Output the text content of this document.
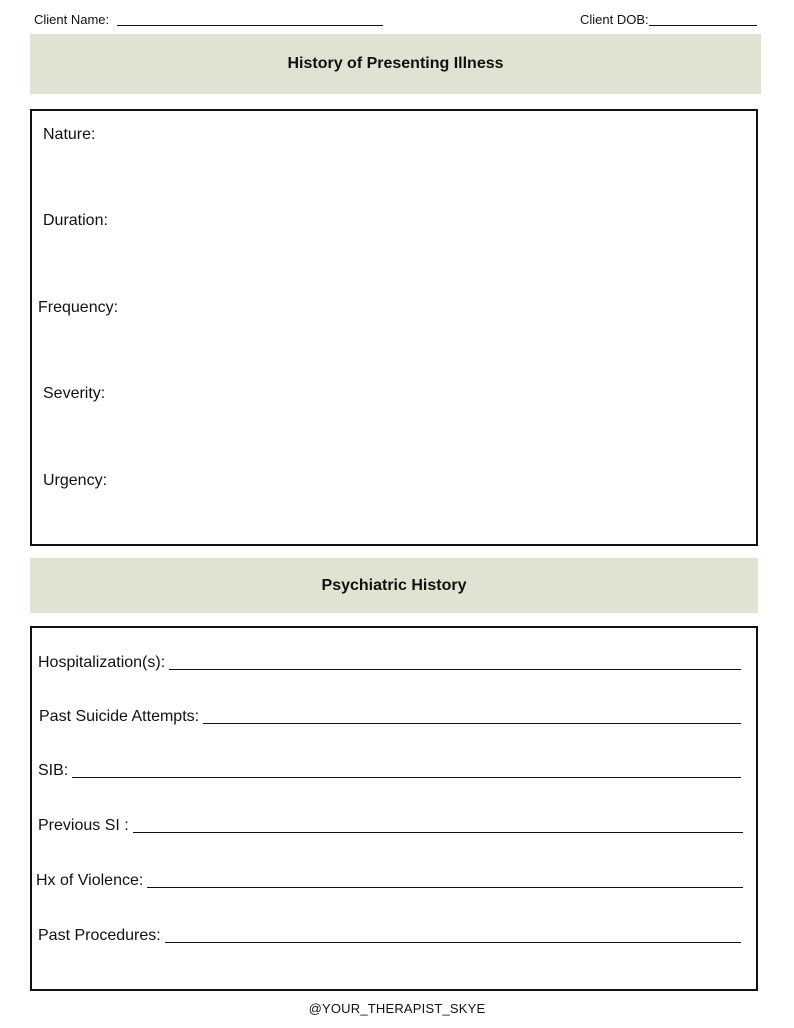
Client Name:	Client DOB:
History of Presenting Illness
Nature:
Duration:
Frequency:
Severity:
Urgency:
Psychiatric History
Hospitalization(s):
Past Suicide Attempts:
SIB:
Previous SI :
Hx of Violence:
Past Procedures:
@YOUR_THERAPIST_SKYE
